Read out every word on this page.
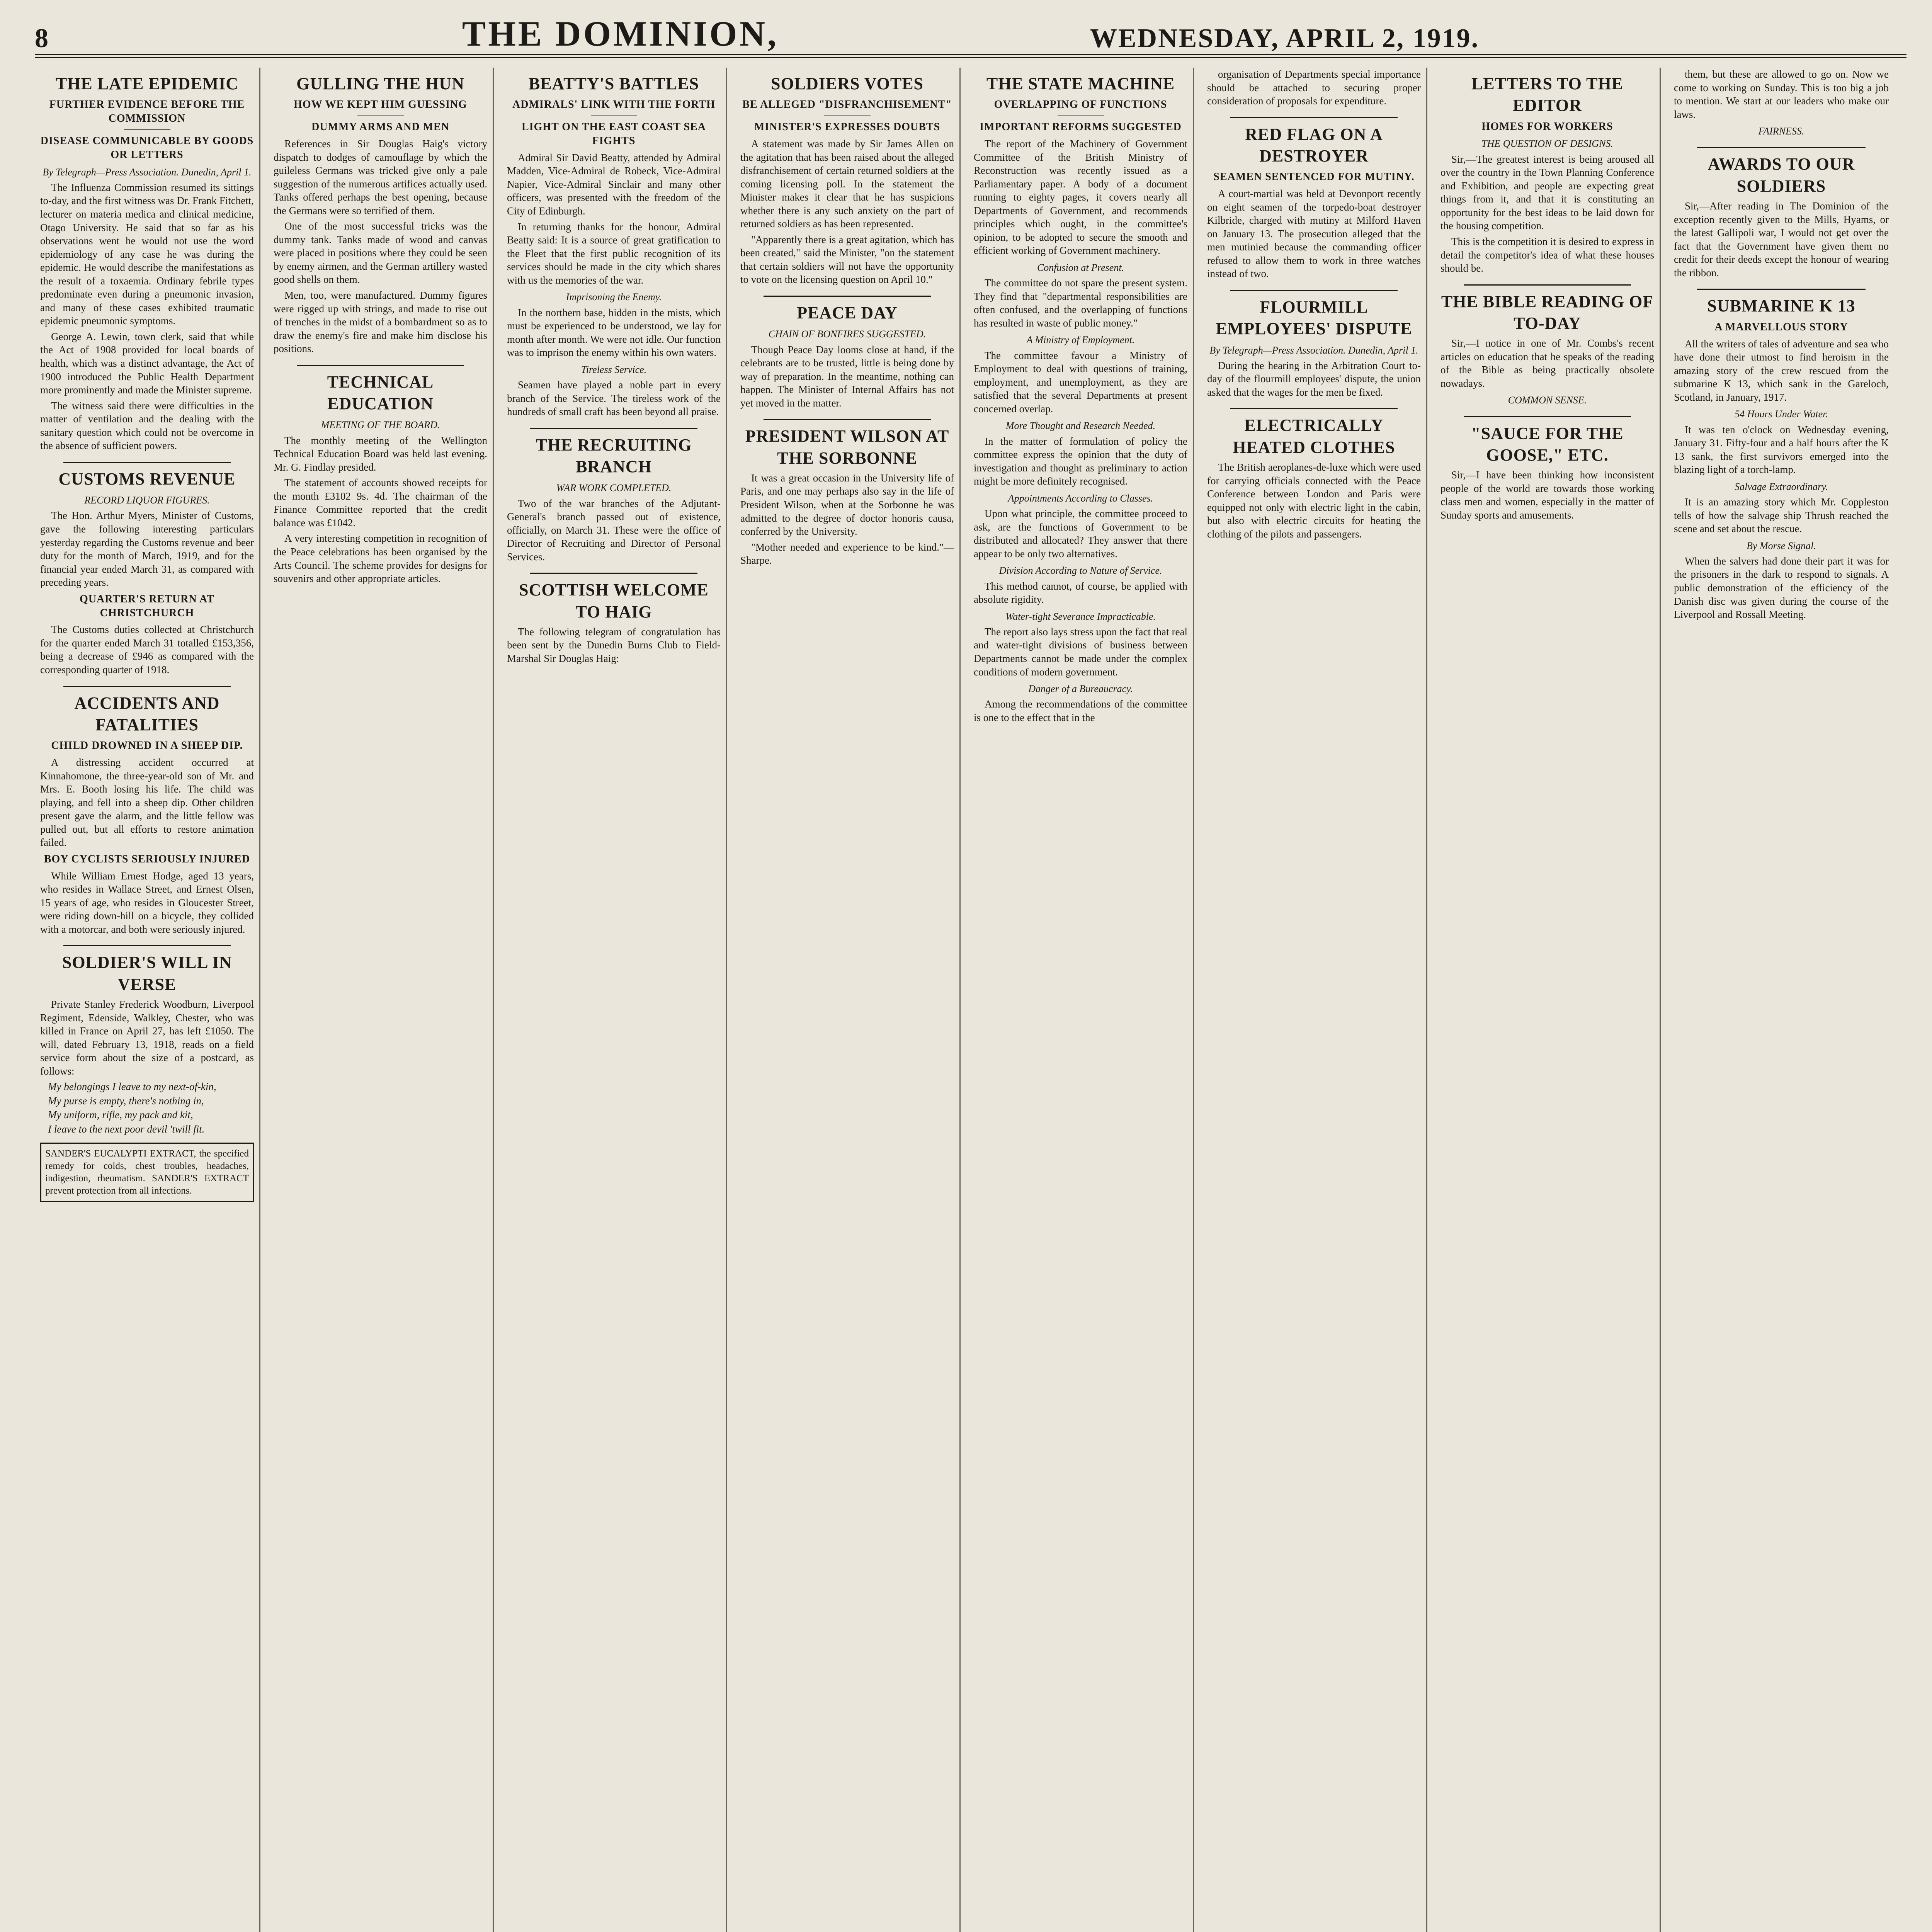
8	THE DOMINION,	WEDNESDAY, APRIL 2, 1919.
THE LATE EPIDEMIC
FURTHER EVIDENCE BEFORE THE COMMISSION
DISEASE COMMUNICABLE BY GOODS OR LETTERS
By Telegraph—Press Association. Dunedin, April 1.

The Influenza Commission resumed its sittings to-day, and the first witness was Dr. Frank Fitchett, lecturer on materia medica and clinical medicine, Otago University. He said that so far as his observations went he would not use the word epidemiology of any case he was during the epidemic. He would describe the manifestations as the result of a toxaemia. Ordinary febrile types predominate even during a pneumonic invasion, and many of these cases exhibited traumatic epidemic pneumonic symptoms.

George A. Lewin, town clerk, said that while the Act of 1908 provided for local boards of health, which was a distinct advantage, the Act of 1900 introduced the Public Health Department more prominently and made the Minister supreme.

The witness said there were difficulties in the matter of ventilation and the dealing with the sanitary question which could not be overcome in the absence of sufficient powers.

CUSTOMS REVENUE
RECORD LIQUOR FIGURES.

The Hon. Arthur Myers, Minister of Customs, gave the following interesting particulars yesterday regarding the Customs revenue and beer duty for the month of March, 1919, and for the financial year ended March 31, as compared with preceding years.

QUARTER'S RETURN AT CHRISTCHURCH

The Customs duties collected at Christchurch for the quarter ended March 31 totalled £153,356, being a decrease of £946 as compared with the corresponding quarter of 1918.

ACCIDENTS AND FATALITIES
CHILD DROWNED IN A SHEEP DIP.

A distressing accident occurred at Kinnahomone, the three-year-old son of Mr. and Mrs. E. Booth losing his life. The child was playing, and fell into a sheep dip. Other children present gave the alarm, and the little fellow was pulled out, but all efforts to restore animation failed.

BOY CYCLISTS SERIOUSLY INJURED

While William Ernest Hodge, aged 13 years, who resides in Wallace Street, and Ernest Olsen, 15 years of age, who resides in Gloucester Street, were riding down-hill on a bicycle, they collided with a motorcar, and both were seriously injured.

SOLDIER'S WILL IN VERSE

Private Stanley Frederick Woodburn, Liverpool Regiment, Edenside, Walkley, Chester, who was killed in France on April 27, has left £1050. The will, dated February 13, 1918, reads on a field service form about the size of a postcard, as follows:

My belongings I leave to my next-of-kin,

My purse is empty, there's nothing in,

My uniform, rifle, my pack and kit,

I leave to the next poor devil 'twill fit.

SANDER'S EUCALYPTI EXTRACT, the specified remedy for colds, chest troubles, headaches, indigestion, rheumatism. SANDER'S EXTRACT prevent protection from all infections.
GULLING THE HUN
HOW WE KEPT HIM GUESSING
DUMMY ARMS AND MEN

References in Sir Douglas Haig's victory dispatch to dodges of camouflage by which the guileless Germans was tricked give only a pale suggestion of the numerous artifices actually used. Tanks offered perhaps the best opening, because the Germans were so terrified of them.

One of the most successful tricks was the dummy tank. Tanks made of wood and canvas were placed in positions where they could be seen by enemy airmen, and the German artillery wasted good shells on them.

Men, too, were manufactured. Dummy figures were rigged up with strings, and made to rise out of trenches in the midst of a bombardment so as to draw the enemy's fire and make him disclose his positions.

TECHNICAL EDUCATION
MEETING OF THE BOARD.

The monthly meeting of the Wellington Technical Education Board was held last evening. Mr. G. Findlay presided.

The statement of accounts showed receipts for the month £3102 9s. 4d. The chairman of the Finance Committee reported that the credit balance was £1042.

A very interesting competition in recognition of the Peace celebrations has been organised by the Arts Council. The scheme provides for designs for souvenirs and other appropriate articles.

BEATTY'S BATTLES
ADMIRALS' LINK WITH THE FORTH
LIGHT ON THE EAST COAST SEA FIGHTS

Admiral Sir David Beatty, attended by Admiral Madden, Vice-Admiral de Robeck, Vice-Admiral Napier, Vice-Admiral Sinclair and many other officers, was presented with the freedom of the City of Edinburgh.

In returning thanks for the honour, Admiral Beatty said: It is a source of great gratification to the Fleet that the first public recognition of its services should be made in the city which shares with us the memories of the war.

Imprisoning the Enemy.

In the northern base, hidden in the mists, which must be experienced to be understood, we lay for month after month. We were not idle. Our function was to imprison the enemy within his own waters.

Tireless Service.

Seamen have played a noble part in every branch of the Service. The tireless work of the hundreds of small craft has been beyond all praise.

THE RECRUITING BRANCH
WAR WORK COMPLETED.

Two of the war branches of the Adjutant-General's branch passed out of existence, officially, on March 31. These were the office of Director of Recruiting and Director of Personal Services.

SCOTTISH WELCOME TO HAIG

The following telegram of congratulation has been sent by the Dunedin Burns Club to Field-Marshal Sir Douglas Haig:

SOLDIERS VOTES
BE ALLEGED "DISFRANCHISEMENT"
MINISTER'S EXPRESSES DOUBTS

A statement was made by Sir James Allen on the agitation that has been raised about the alleged disfranchisement of certain returned soldiers at the coming licensing poll. In the statement the Minister makes it clear that he has suspicions whether there is any such anxiety on the part of returned soldiers as has been represented.

"Apparently there is a great agitation, which has been created," said the Minister, "on the statement that certain soldiers will not have the opportunity to vote on the licensing question on April 10."

PEACE DAY
CHAIN OF BONFIRES SUGGESTED.

Though Peace Day looms close at hand, if the celebrants are to be trusted, little is being done by way of preparation. In the meantime, nothing can happen. The Minister of Internal Affairs has not yet moved in the matter.

PRESIDENT WILSON AT THE SORBONNE

It was a great occasion in the University life of Paris, and one may perhaps also say in the life of President Wilson, when at the Sorbonne he was admitted to the degree of doctor honoris causa, conferred by the University.

"Mother needed and experience to be kind."—Sharpe.

THE STATE MACHINE
OVERLAPPING OF FUNCTIONS
IMPORTANT REFORMS SUGGESTED

The report of the Machinery of Government Committee of the British Ministry of Reconstruction was recently issued as a Parliamentary paper. A body of a document running to eighty pages, it covers nearly all Departments of Government, and recommends principles which ought, in the committee's opinion, to be adopted to secure the smooth and efficient working of Government machinery.

Confusion at Present.

The committee do not spare the present system. They find that "departmental responsibilities are often confused, and the overlapping of functions has resulted in waste of public money."

A Ministry of Employment.

The committee favour a Ministry of Employment to deal with questions of training, employment, and unemployment, as they are satisfied that the several Departments at present concerned overlap.

More Thought and Research Needed.

In the matter of formulation of policy the committee express the opinion that the duty of investigation and thought as preliminary to action might be more definitely recognised.

Appointments According to Classes.

Upon what principle, the committee proceed to ask, are the functions of Government to be distributed and allocated? They answer that there appear to be only two alternatives.

Division According to Nature of Service.

This method cannot, of course, be applied with absolute rigidity.

Water-tight Severance Impracticable.

The report also lays stress upon the fact that real and water-tight divisions of business between Departments cannot be made under the complex conditions of modern government.

Danger of a Bureaucracy.

Among the recommendations of the committee is one to the effect that in the

organisation of Departments special importance should be attached to securing proper consideration of proposals for expenditure.

RED FLAG ON A DESTROYER
SEAMEN SENTENCED FOR MUTINY.

A court-martial was held at Devonport recently on eight seamen of the torpedo-boat destroyer Kilbride, charged with mutiny at Milford Haven on January 13. The prosecution alleged that the men mutinied because the commanding officer refused to allow them to work in three watches instead of two.

FLOURMILL EMPLOYEES' DISPUTE
By Telegraph—Press Association. Dunedin, April 1.

During the hearing in the Arbitration Court to-day of the flourmill employees' dispute, the union asked that the wages for the men be fixed.

ELECTRICALLY HEATED CLOTHES

The British aeroplanes-de-luxe which were used for carrying officials connected with the Peace Conference between London and Paris were equipped not only with electric light in the cabin, but also with electric circuits for heating the clothing of the pilots and passengers.

LETTERS TO THE EDITOR
HOMES FOR WORKERS
THE QUESTION OF DESIGNS.

Sir,—The greatest interest is being aroused all over the country in the Town Planning Conference and Exhibition, and people are expecting great things from it, and that it is constituting an opportunity for the best ideas to be laid down for the housing competition.

This is the competition it is desired to express in detail the competitor's idea of what these houses should be.

THE BIBLE READING OF TO-DAY

Sir,—I notice in one of Mr. Combs's recent articles on education that he speaks of the reading of the Bible as being practically obsolete nowadays.

COMMON SENSE.
"SAUCE FOR THE GOOSE," ETC.

Sir,—I have been thinking how inconsistent people of the world are towards those working class men and women, especially in the matter of Sunday sports and amusements.

them, but these are allowed to go on. Now we come to working on Sunday. This is too big a job to mention. We start at our leaders who make our laws.

FAIRNESS.
AWARDS TO OUR SOLDIERS

Sir,—After reading in The Dominion of the exception recently given to the Mills, Hyams, or the latest Gallipoli war, I would not get over the fact that the Government have given them no credit for their deeds except the honour of wearing the ribbon.

SUBMARINE K 13
A MARVELLOUS STORY

All the writers of tales of adventure and sea who have done their utmost to find heroism in the amazing story of the crew rescued from the submarine K 13, which sank in the Gareloch, Scotland, in January, 1917.

54 Hours Under Water.

It was ten o'clock on Wednesday evening, January 31. Fifty-four and a half hours after the K 13 sank, the first survivors emerged into the blazing light of a torch-lamp.

Salvage Extraordinary.

It is an amazing story which Mr. Coppleston tells of how the salvage ship Thrush reached the scene and set about the rescue.

By Morse Signal.

When the salvers had done their part it was for the prisoners in the dark to respond to signals. A public demonstration of the efficiency of the Danish disc was given during the course of the Liverpool and Rossall Meeting.
